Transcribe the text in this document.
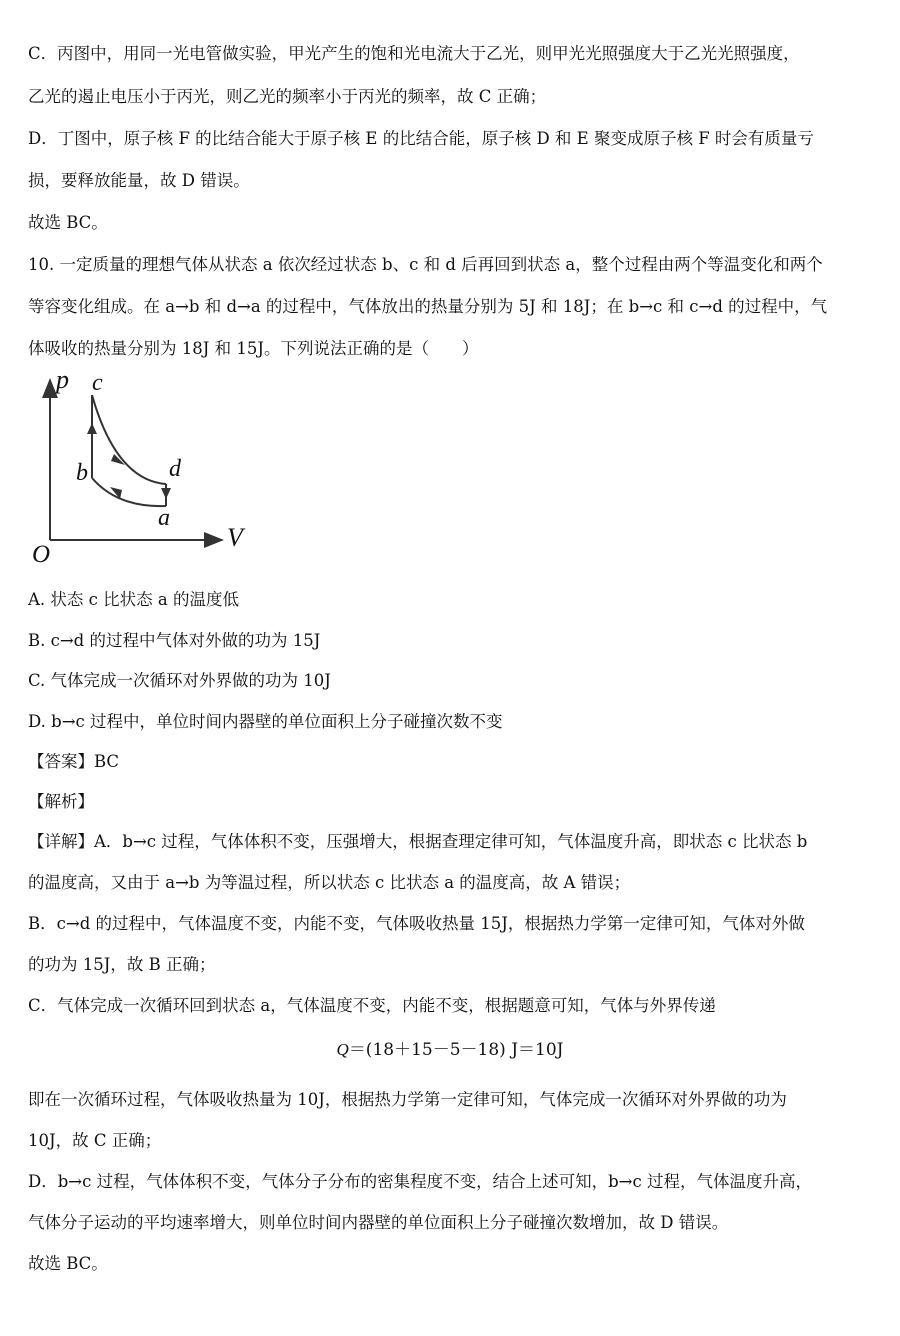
C．丙图中，用同一光电管做实验，甲光产生的饱和光电流大于乙光，则甲光光照强度大于乙光光照强度，
乙光的遏止电压小于丙光，则乙光的频率小于丙光的频率，故 C 正确；
D．丁图中，原子核 F 的比结合能大于原子核 E 的比结合能，原子核 D 和 E 聚变成原子核 F 时会有质量亏
损，要释放能量，故 D 错误。
故选 BC。
10. 一定质量的理想气体从状态 a 依次经过状态 b、c 和 d 后再回到状态 a，整个过程由两个等温变化和两个
等容变化组成。在 a→b 和 d→a 的过程中，气体放出的热量分别为 5J 和 18J；在 b→c 和 c→d 的过程中，气
体吸收的热量分别为 18J 和 15J。下列说法正确的是（　　）
A. 状态 c 比状态 a 的温度低
B. c→d 的过程中气体对外做的功为 15J
C. 气体完成一次循环对外界做的功为 10J
D. b→c 过程中，单位时间内器壁的单位面积上分子碰撞次数不变
【答案】BC
【解析】
【详解】A．b→c 过程，气体体积不变，压强增大，根据查理定律可知，气体温度升高，即状态 c 比状态 b
的温度高，又由于 a→b 为等温过程，所以状态 c 比状态 a 的温度高，故 A 错误；
B．c→d 的过程中，气体温度不变，内能不变，气体吸收热量 15J，根据热力学第一定律可知，气体对外做
的功为 15J，故 B 正确；
C．气体完成一次循环回到状态 a，气体温度不变，内能不变，根据题意可知，气体与外界传递
即在一次循环过程，气体吸收热量为 10J，根据热力学第一定律可知，气体完成一次循环对外界做的功为
10J，故 C 正确；
D．b→c 过程，气体体积不变，气体分子分布的密集程度不变，结合上述可知，b→c 过程，气体温度升高，
气体分子运动的平均速率增大，则单位时间内器壁的单位面积上分子碰撞次数增加，故 D 错误。
故选 BC。
Q＝(18＋15－5－18) J＝10J
p
V
O
c
b	d
a
